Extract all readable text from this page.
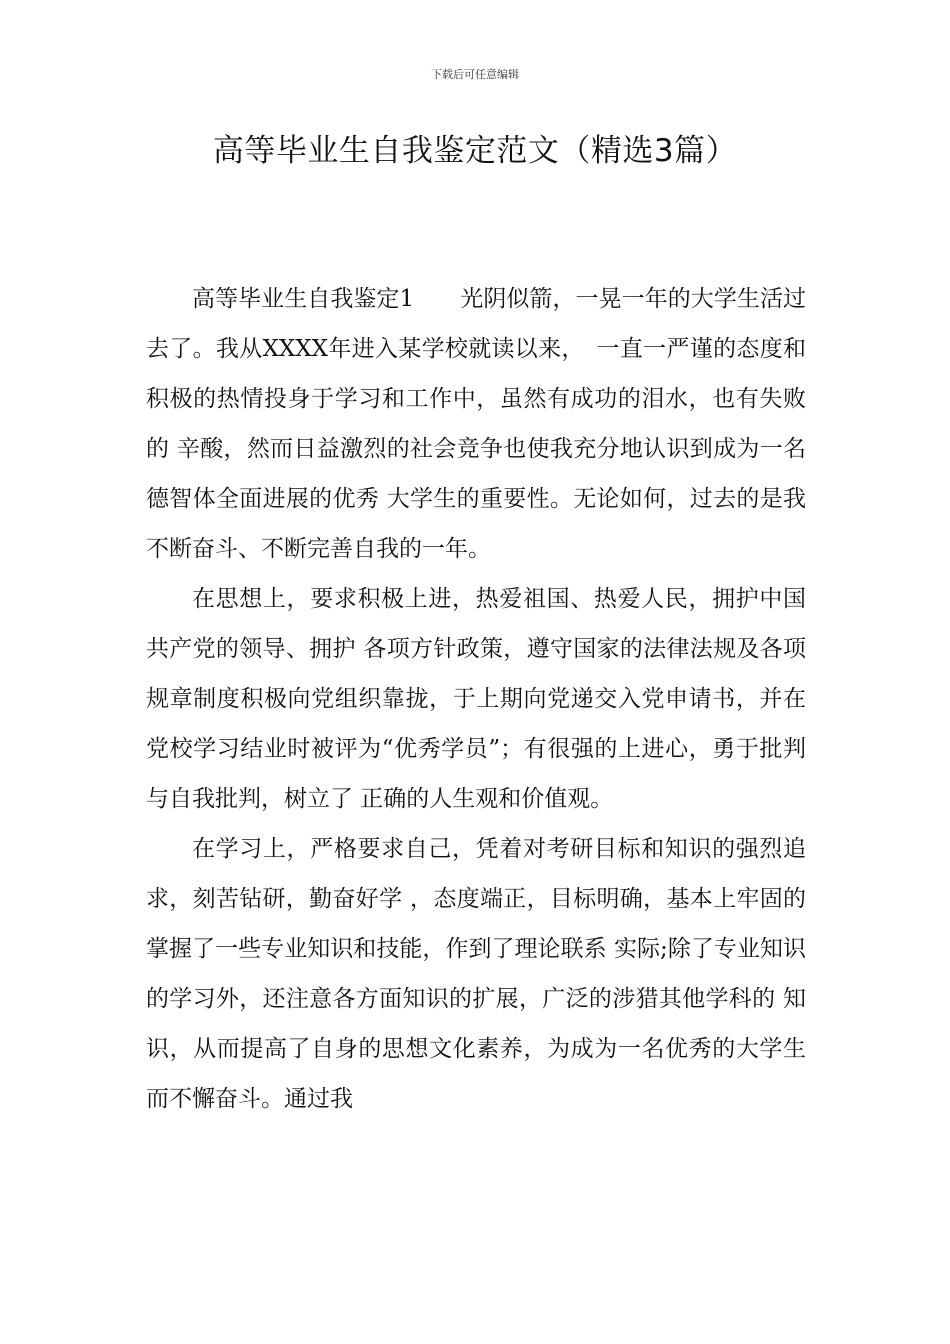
下载后可任意编辑
高等毕业生自我鉴定范文（精选3篇）

高等毕业生自我鉴定1　　光阴似箭，一晃一年的大学生活过去了。我从XXXX年进入某学校就读以来，　一直一严谨的态度和积极的热情投身于学习和工作中，虽然有成功的泪水，也有失败的 辛酸，然而日益激烈的社会竞争也使我充分地认识到成为一名德智体全面进展的优秀 大学生的重要性。无论如何，过去的是我不断奋斗、不断完善自我的一年。

在思想上，要求积极上进，热爱祖国、热爱人民，拥护中国共产党的领导、拥护 各项方针政策，遵守国家的法律法规及各项规章制度积极向党组织靠拢，于上期向党递交入党申请书，并在党校学习结业时被评为“优秀学员”；有很强的上进心，勇于批判与自我批判，树立了 正确的人生观和价值观。

在学习上，严格要求自己，凭着对考研目标和知识的强烈追求，刻苦钻研，勤奋好学 ，态度端正，目标明确，基本上牢固的掌握了一些专业知识和技能，作到了理论联系 实际;除了专业知识的学习外，还注意各方面知识的扩展，广泛的涉猎其他学科的 知识，从而提高了自身的思想文化素养，为成为一名优秀的大学生而不懈奋斗。通过我
